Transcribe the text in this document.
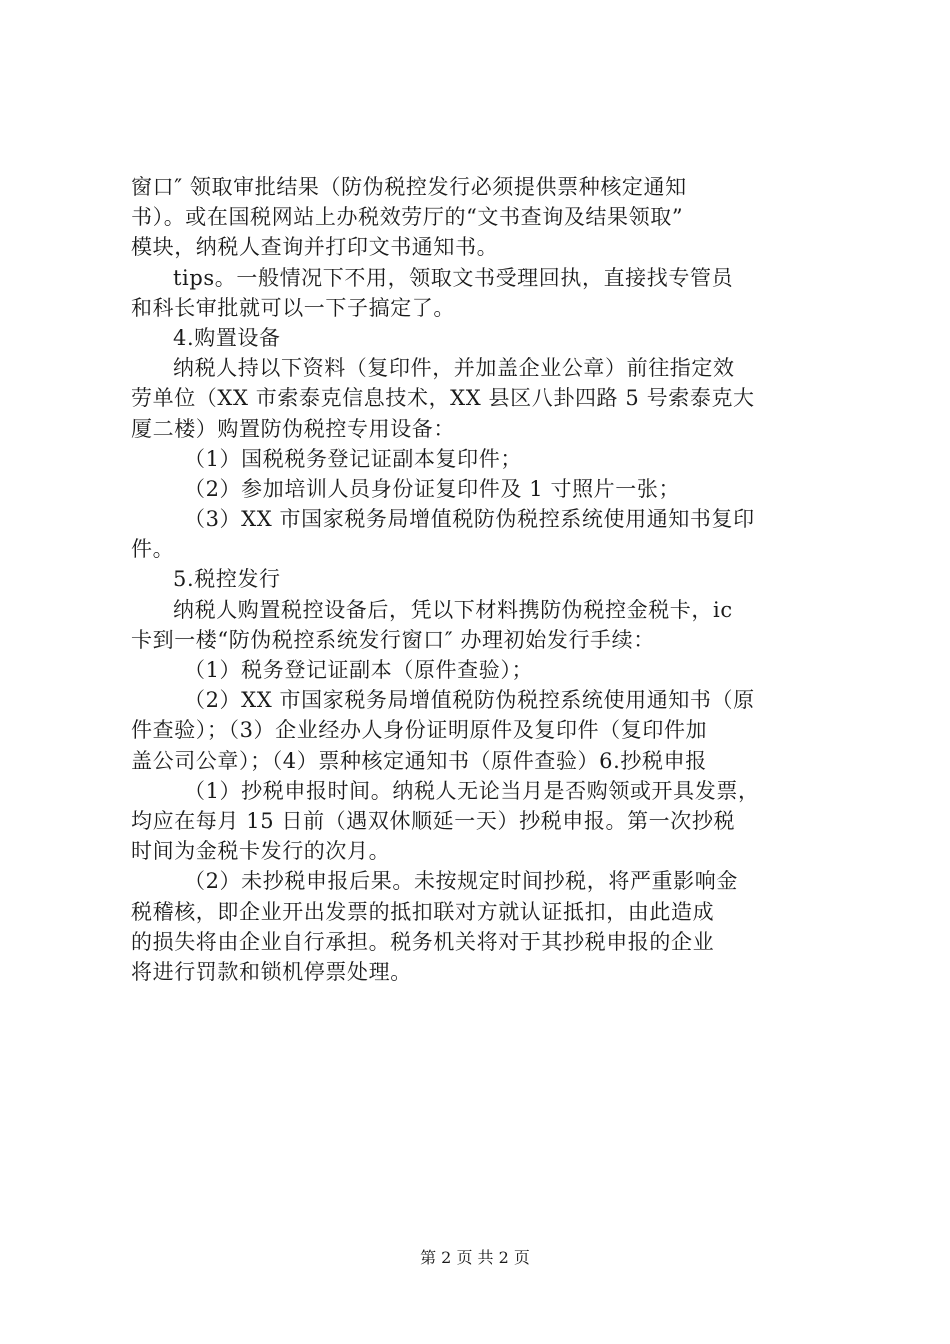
窗口″ 领取审批结果（防伪税控发行必须提供票种核定通知
书）。或在国税网站上办税效劳厅的“文书查询及结果领取”
模块，纳税人查询并打印文书通知书。
tips。一般情况下不用，领取文书受理回执，直接找专管员
和科长审批就可以一下子搞定了。
4.购置设备
纳税人持以下资料（复印件，并加盖企业公章）前往指定效
劳单位（XX 市索泰克信息技术，XX 县区八卦四路 5 号索泰克大
厦二楼）购置防伪税控专用设备：
（1）国税税务登记证副本复印件；
（2）参加培训人员身份证复印件及 1 寸照片一张；
（3）XX 市国家税务局增值税防伪税控系统使用通知书复印
件。
5.税控发行
纳税人购置税控设备后，凭以下材料携防伪税控金税卡，ic
卡到一楼“防伪税控系统发行窗口″ 办理初始发行手续：
（1）税务登记证副本（原件查验）；
（2）XX 市国家税务局增值税防伪税控系统使用通知书（原
件查验）；（3）企业经办人身份证明原件及复印件（复印件加
盖公司公章）；（4）票种核定通知书（原件查验）6.抄税申报
（1）抄税申报时间。纳税人无论当月是否购领或开具发票，
均应在每月 15 日前（遇双休顺延一天）抄税申报。第一次抄税
时间为金税卡发行的次月。
（2）未抄税申报后果。未按规定时间抄税，将严重影响金
税稽核，即企业开出发票的抵扣联对方就认证抵扣，由此造成
的损失将由企业自行承担。税务机关将对于其抄税申报的企业
将进行罚款和锁机停票处理。
第 2 页 共 2 页
